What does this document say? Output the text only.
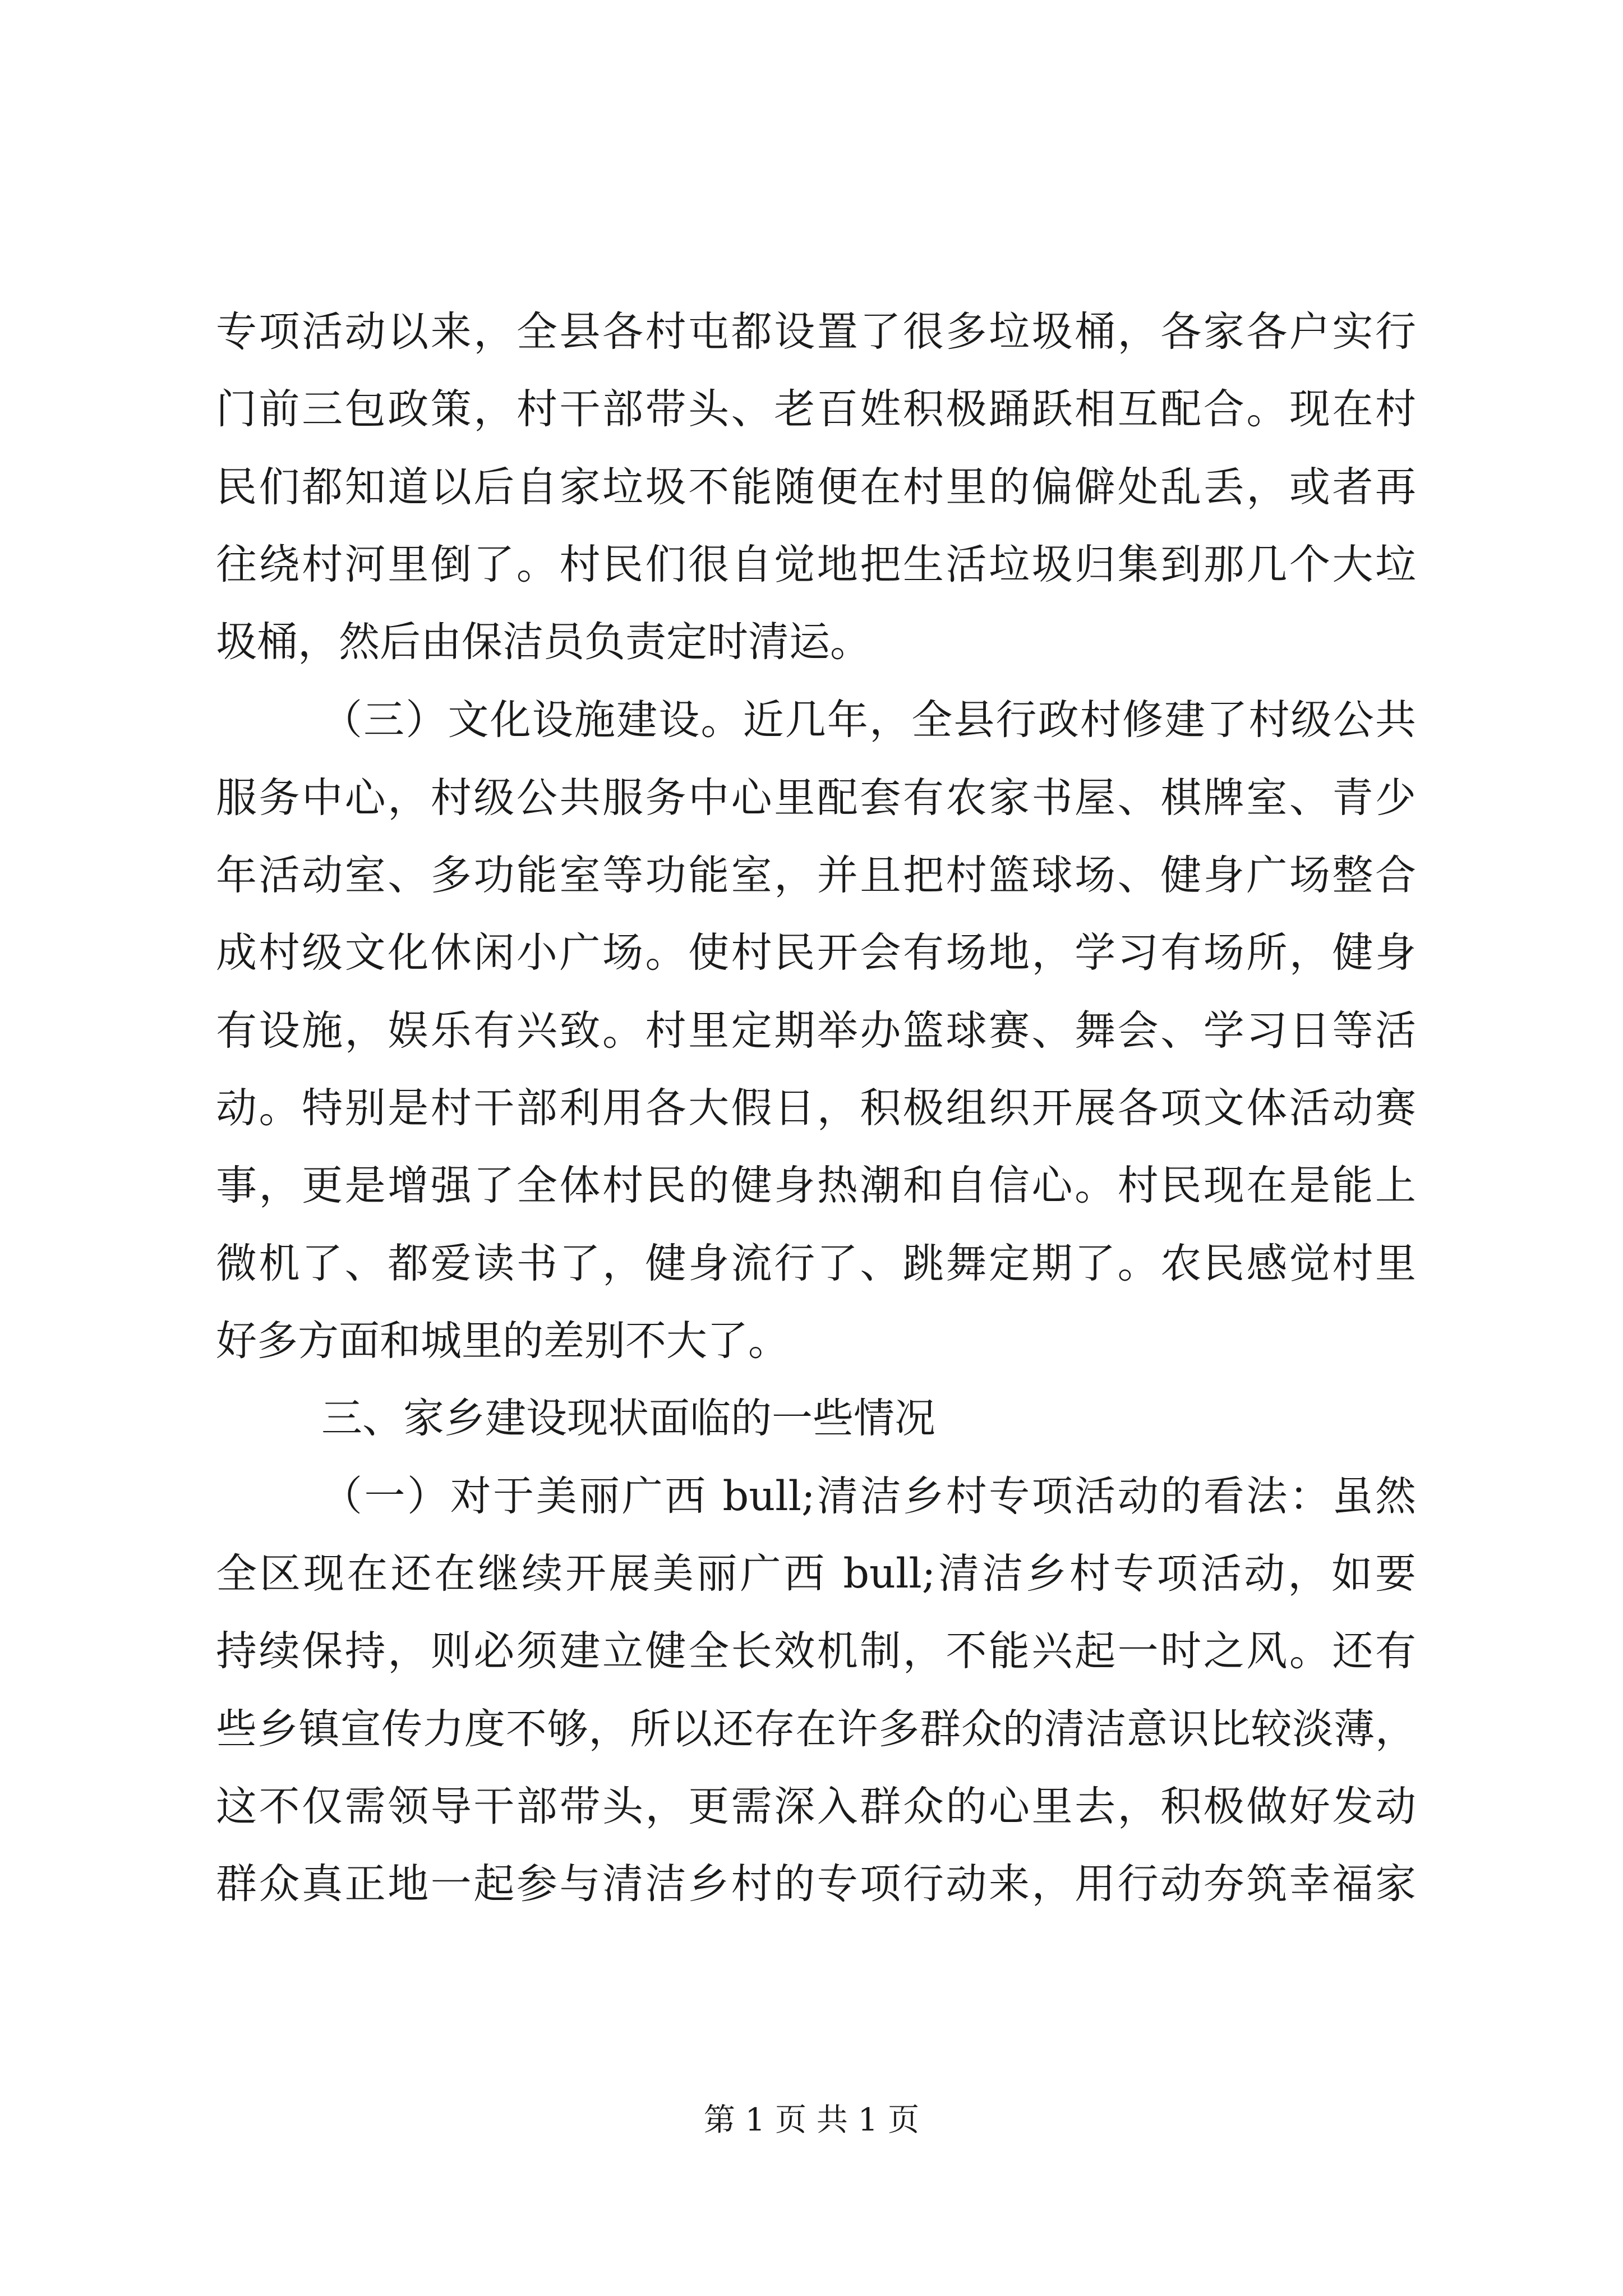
专项活动以来，全县各村屯都设置了很多垃圾桶，各家各户实行
门前三包政策，村干部带头、老百姓积极踊跃相互配合。现在村
民们都知道以后自家垃圾不能随便在村里的偏僻处乱丢，或者再
往绕村河里倒了。村民们很自觉地把生活垃圾归集到那几个大垃
圾桶，然后由保洁员负责定时清运。
（三）文化设施建设。近几年，全县行政村修建了村级公共
服务中心，村级公共服务中心里配套有农家书屋、棋牌室、青少
年活动室、多功能室等功能室，并且把村篮球场、健身广场整合
成村级文化休闲小广场。使村民开会有场地，学习有场所，健身
有设施，娱乐有兴致。村里定期举办篮球赛、舞会、学习日等活
动。特别是村干部利用各大假日，积极组织开展各项文体活动赛
事，更是增强了全体村民的健身热潮和自信心。村民现在是能上
微机了、都爱读书了，健身流行了、跳舞定期了。农民感觉村里
好多方面和城里的差别不大了。
三、家乡建设现状面临的一些情况
（一）对于美丽广西 bull;清洁乡村专项活动的看法：虽然
全区现在还在继续开展美丽广西 bull;清洁乡村专项活动，如要
持续保持，则必须建立健全长效机制，不能兴起一时之风。还有
些乡镇宣传力度不够，所以还存在许多群众的清洁意识比较淡薄，
这不仅需领导干部带头，更需深入群众的心里去，积极做好发动
群众真正地一起参与清洁乡村的专项行动来，用行动夯筑幸福家
第 1 页 共 1 页
